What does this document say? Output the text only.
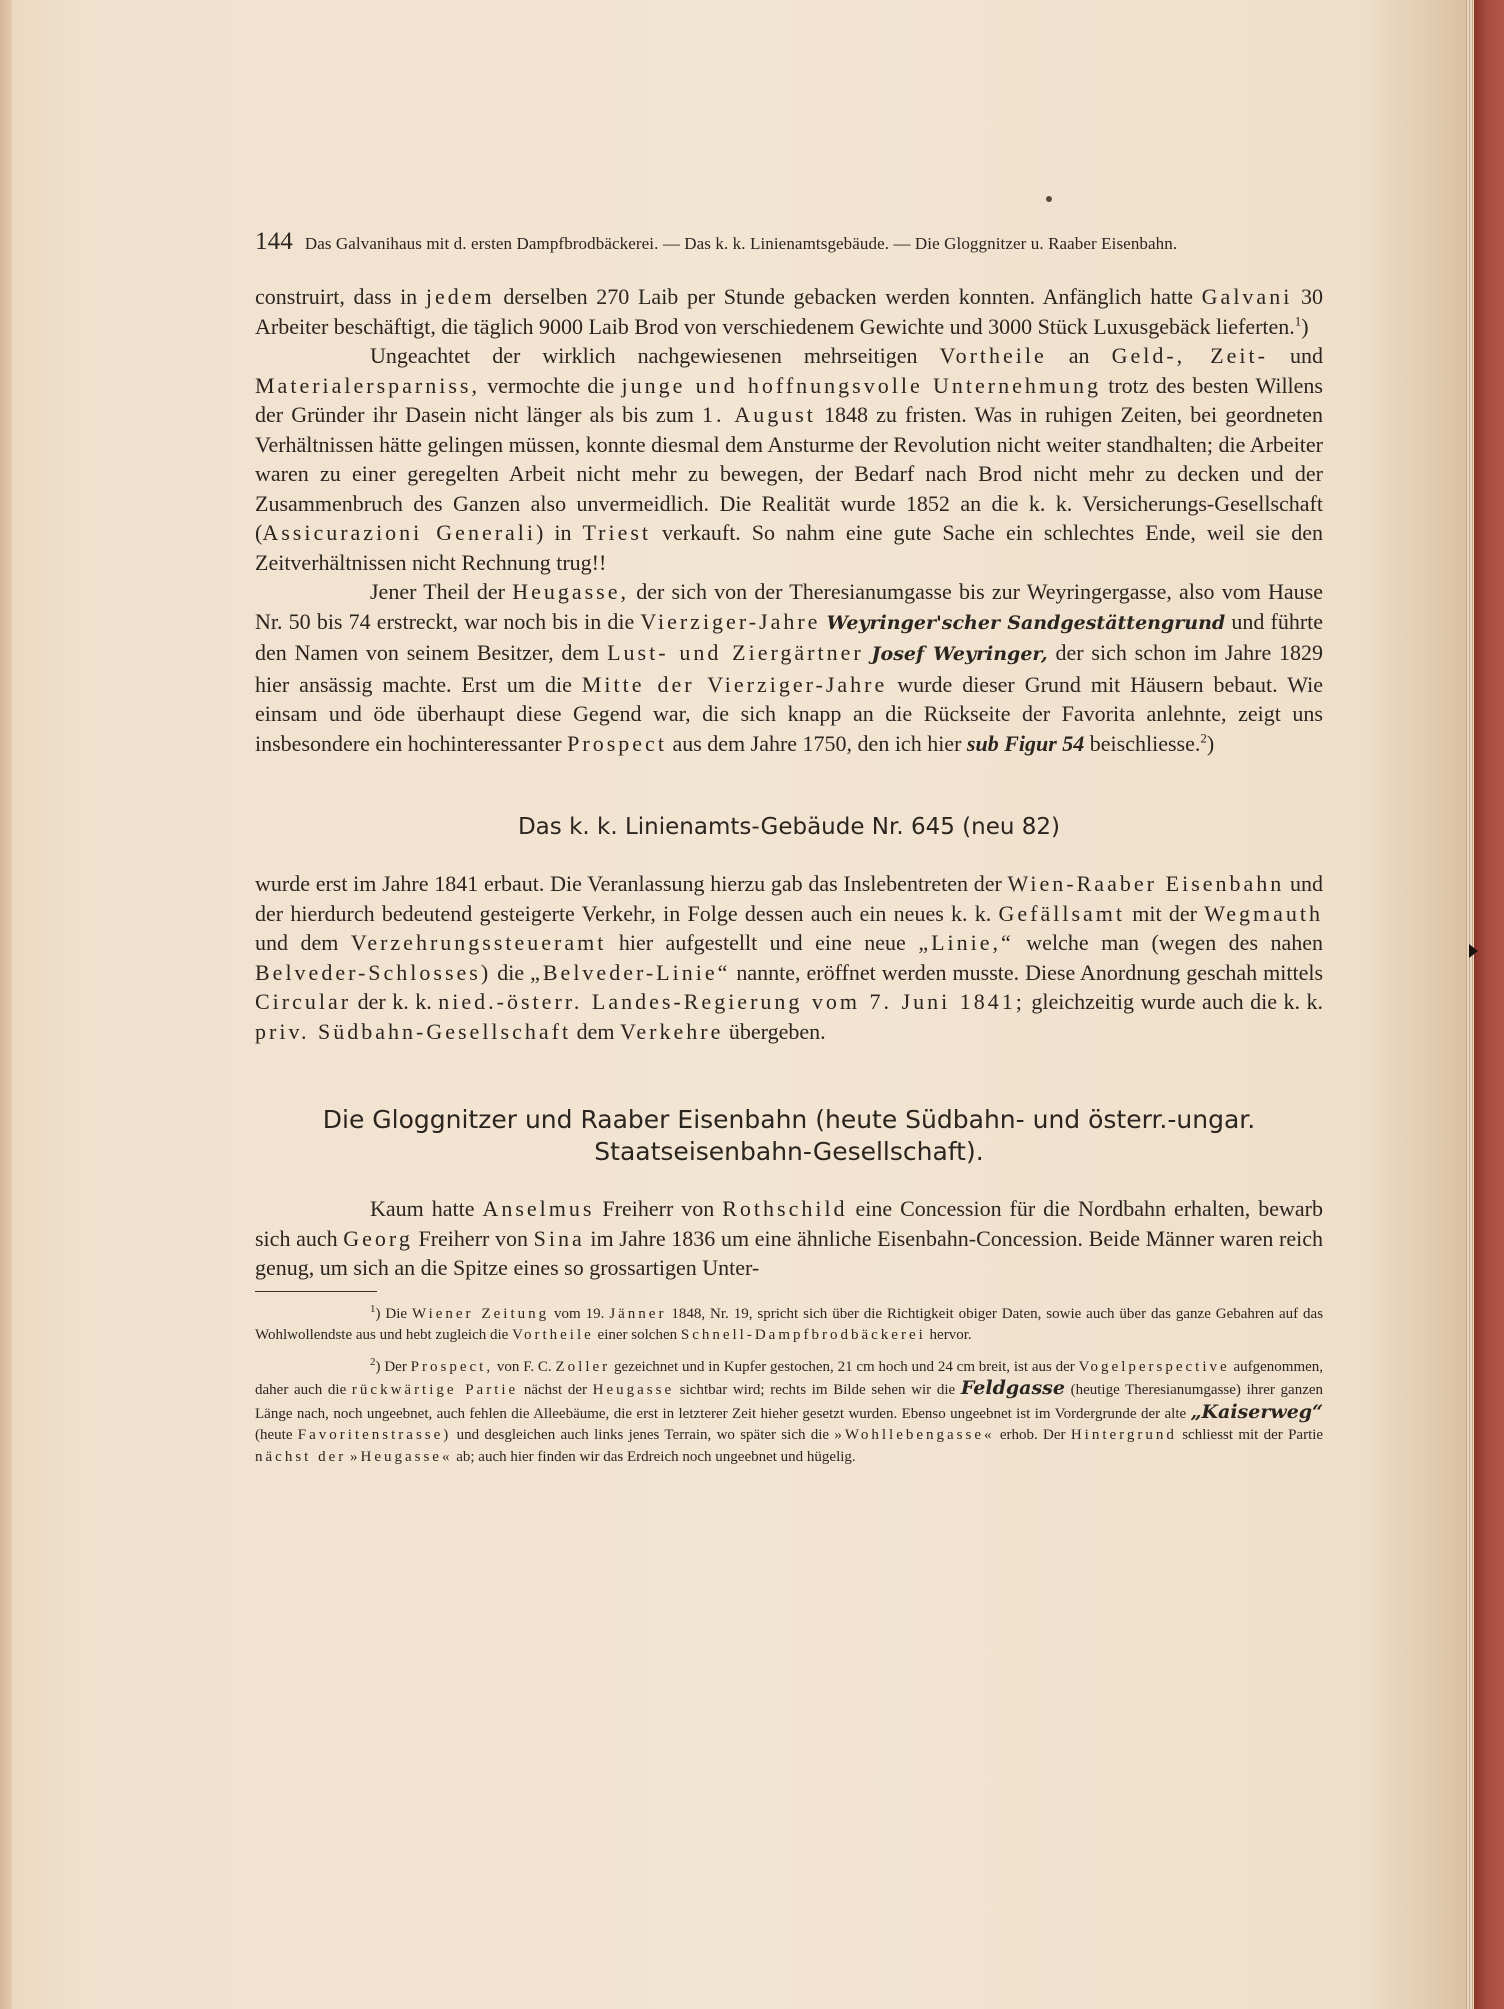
144 Das Galvanihaus mit d. ersten Dampfbrodbäckerei. — Das k. k. Linienamtsgebäude. — Die Gloggnitzer u. Raaber Eisenbahn.

construirt, dass in jedem derselben 270 Laib per Stunde gebacken werden konnten. Anfänglich hatte Galvani 30 Arbeiter beschäftigt, die täglich 9000 Laib Brod von verschiedenem Gewichte und 3000 Stück Luxusgebäck lieferten.$^1$)

Ungeachtet der wirklich nachgewiesenen mehrseitigen Vortheile an Geld-, Zeit- und Materialersparniss, vermochte die junge und hoffnungsvolle Unternehmung trotz des besten Willens der Gründer ihr Dasein nicht länger als bis zum 1. August 1848 zu fristen. Was in ruhigen Zeiten, bei geordneten Verhältnissen hätte gelingen müssen, konnte diesmal dem Ansturme der Revolution nicht weiter standhalten; die Arbeiter waren zu einer geregelten Arbeit nicht mehr zu bewegen, der Bedarf nach Brod nicht mehr zu decken und der Zusammenbruch des Ganzen also unvermeidlich. Die Realität wurde 1852 an die k. k. Versicherungs-Gesellschaft (Assicurazioni Generali) in Triest verkauft. So nahm eine gute Sache ein schlechtes Ende, weil sie den Zeitverhältnissen nicht Rechnung trug!!

Jener Theil der Heugasse, der sich von der Theresianumgasse bis zur Weyringergasse, also vom Hause Nr. 50 bis 74 erstreckt, war noch bis in die Vierziger-Jahre Weyringer'scher Sandgestättengrund und führte den Namen von seinem Besitzer, dem Lust- und Ziergärtner Josef Weyringer, der sich schon im Jahre 1829 hier ansässig machte. Erst um die Mitte der Vierziger-Jahre wurde dieser Grund mit Häusern bebaut. Wie einsam und öde überhaupt diese Gegend war, die sich knapp an die Rückseite der Favorita anlehnte, zeigt uns insbesondere ein hochinteressanter Prospect aus dem Jahre 1750, den ich hier sub Figur 54 beischliesse.$^2$)

Das k. k. Linienamts-Gebäude Nr. 645 (neu 82)

wurde erst im Jahre 1841 erbaut. Die Veranlassung hierzu gab das Inslebentreten der Wien-Raaber Eisenbahn und der hierdurch bedeutend gesteigerte Verkehr, in Folge dessen auch ein neues k. k. Gefällsamt mit der Wegmauth und dem Verzehrungssteueramt hier aufgestellt und eine neue „Linie,“ welche man (wegen des nahen Belveder-Schlosses) die „Belveder-Linie“ nannte, eröffnet werden musste. Diese Anordnung geschah mittels Circular der k. k. nied.-österr. Landes-Regierung vom 7. Juni 1841; gleichzeitig wurde auch die k. k. priv. Südbahn-Gesellschaft dem Verkehre übergeben.

Die Gloggnitzer und Raaber Eisenbahn (heute Südbahn- und österr.-ungar.
Staatseisenbahn-Gesellschaft).

Kaum hatte Anselmus Freiherr von Rothschild eine Concession für die Nordbahn erhalten, bewarb sich auch Georg Freiherr von Sina im Jahre 1836 um eine ähnliche Eisenbahn-Concession. Beide Männer waren reich genug, um sich an die Spitze eines so grossartigen Unter-

$^1$) Die Wiener Zeitung vom 19. Jänner 1848, Nr. 19, spricht sich über die Richtigkeit obiger Daten, sowie auch über das ganze Gebahren auf das Wohlwollendste aus und hebt zugleich die Vortheile einer solchen Schnell-Dampfbrodbäckerei hervor.

$^2$) Der Prospect, von F. C. Zoller gezeichnet und in Kupfer gestochen, 21 cm hoch und 24 cm breit, ist aus der Vogelperspective aufgenommen, daher auch die rückwärtige Partie nächst der Heugasse sichtbar wird; rechts im Bilde sehen wir die Feldgasse (heutige Theresianumgasse) ihrer ganzen Länge nach, noch ungeebnet, auch fehlen die Alleebäume, die erst in letzterer Zeit hieher gesetzt wurden. Ebenso ungeebnet ist im Vordergrunde der alte „Kaiserweg“ (heute Favoritenstrasse) und desgleichen auch links jenes Terrain, wo später sich die »Wohllebengasse« erhob. Der Hintergrund schliesst mit der Partie nächst der »Heugasse« ab; auch hier finden wir das Erdreich noch ungeebnet und hügelig.
